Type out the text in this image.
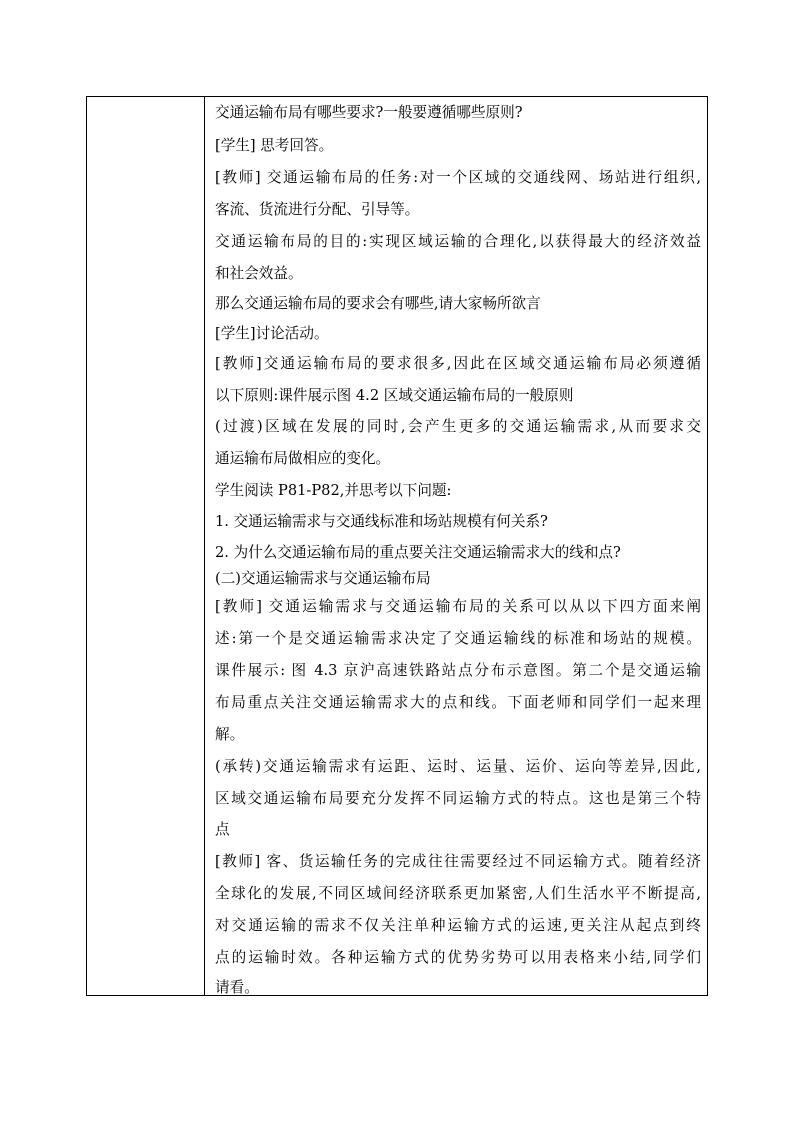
交通运输布局有哪些要求?一般要遵循哪些原则?
[学生] 思考回答。
[教师] 交通运输布局的任务:对一个区域的交通线网、场站进行组织,
客流、货流进行分配、引导等。
交通运输布局的目的:实现区域运输的合理化,以获得最大的经济效益
和社会效益。
那么交通运输布局的要求会有哪些,请大家畅所欲言
[学生]讨论活动。
[教师]交通运输布局的要求很多,因此在区域交通运输布局必须遵循
以下原则:课件展示图 4.2 区域交通运输布局的一般原则
(过渡)区域在发展的同时,会产生更多的交通运输需求,从而要求交
通运输布局做相应的变化。
学生阅读 P81-P82,并思考以下问题:
1. 交通运输需求与交通线标准和场站规模有何关系?
2. 为什么交通运输布局的重点要关注交通运输需求大的线和点?
(二)交通运输需求与交通运输布局
[教师] 交通运输需求与交通运输布局的关系可以从以下四方面来阐
述:第一个是交通运输需求决定了交通运输线的标准和场站的规模。
课件展示: 图 4.3 京沪高速铁路站点分布示意图。第二个是交通运输
布局重点关注交通运输需求大的点和线。下面老师和同学们一起来理
解。
(承转)交通运输需求有运距、运时、运量、运价、运向等差异,因此,
区域交通运输布局要充分发挥不同运输方式的特点。这也是第三个特
点
[教师] 客、货运输任务的完成往往需要经过不同运输方式。随着经济
全球化的发展,不同区域间经济联系更加紧密,人们生活水平不断提高,
对交通运输的需求不仅关注单种运输方式的运速,更关注从起点到终
点的运输时效。各种运输方式的优势劣势可以用表格来小结,同学们
请看。
